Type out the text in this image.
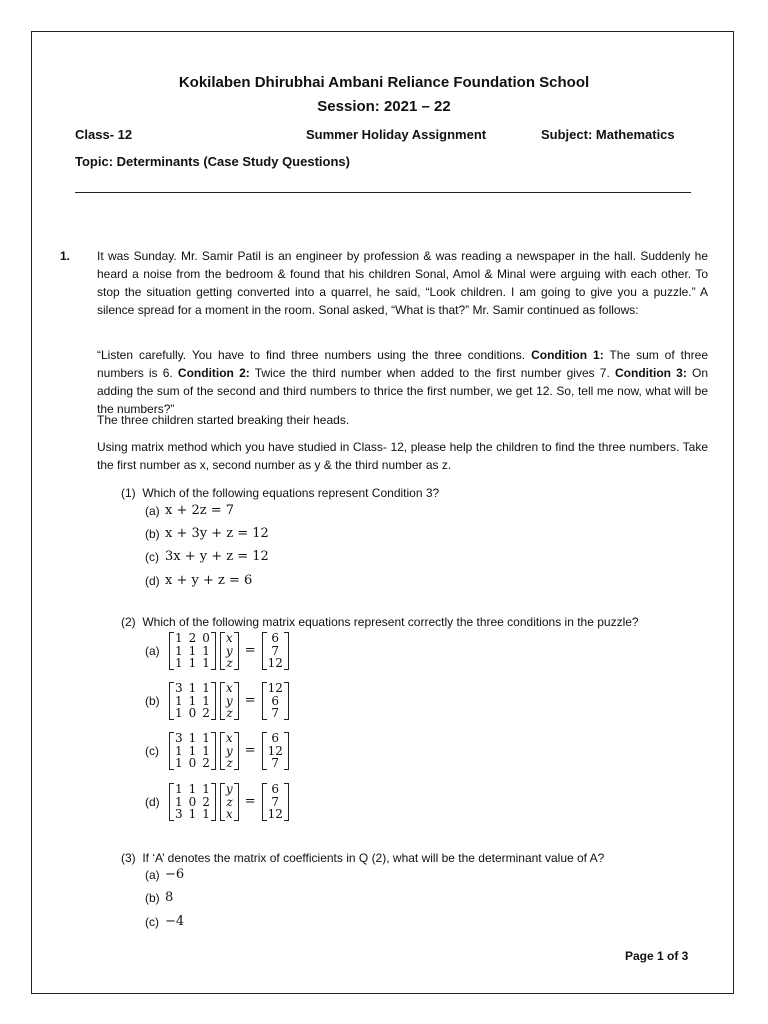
Kokilaben Dhirubhai Ambani Reliance Foundation School
Session: 2021 – 22
Class- 12	Summer Holiday Assignment	Subject: Mathematics
Topic: Determinants (Case Study Questions)
1. It was Sunday. Mr. Samir Patil is an engineer by profession & was reading a newspaper in the hall. Suddenly he heard a noise from the bedroom & found that his children Sonal, Amol & Minal were arguing with each other. To stop the situation getting converted into a quarrel, he said, “Look children. I am going to give you a puzzle.” A silence spread for a moment in the room. Sonal asked, “What is that?” Mr. Samir continued as follows:
“Listen carefully. You have to find three numbers using the three conditions. Condition 1: The sum of three numbers is 6. Condition 2: Twice the third number when added to the first number gives 7. Condition 3: On adding the sum of the second and third numbers to thrice the first number, we get 12. So, tell me now, what will be the numbers?”
The three children started breaking their heads.
Using matrix method which you have studied in Class- 12, please help the children to find the three numbers. Take the first number as x, second number as y & the third number as z.
(1) Which of the following equations represent Condition 3?
(a) x + 2z = 7
(b) x + 3y + z = 12
(c) 3x + y + z = 12
(d) x + y + z = 6
(2) Which of the following matrix equations represent correctly the three conditions in the puzzle?
(a)
1
1
1
2
1
1
0
1
1
x
y
z
=
6
7
12
(b)
3
1
1
1
1
0
1
1
2
x
y
z
=
12
6
7
(c)
3
1
1
1
1
0
1
1
2
x
y
z
=
6
12
7
(d)
1
1
3
1
0
1
1
2
1
y
z
x
=
6
7
12
(3) If ‘A’ denotes the matrix of coefficients in Q (2), what will be the determinant value of A?
(a) −6
(b) 8
(c) −4
Page 1 of 3
